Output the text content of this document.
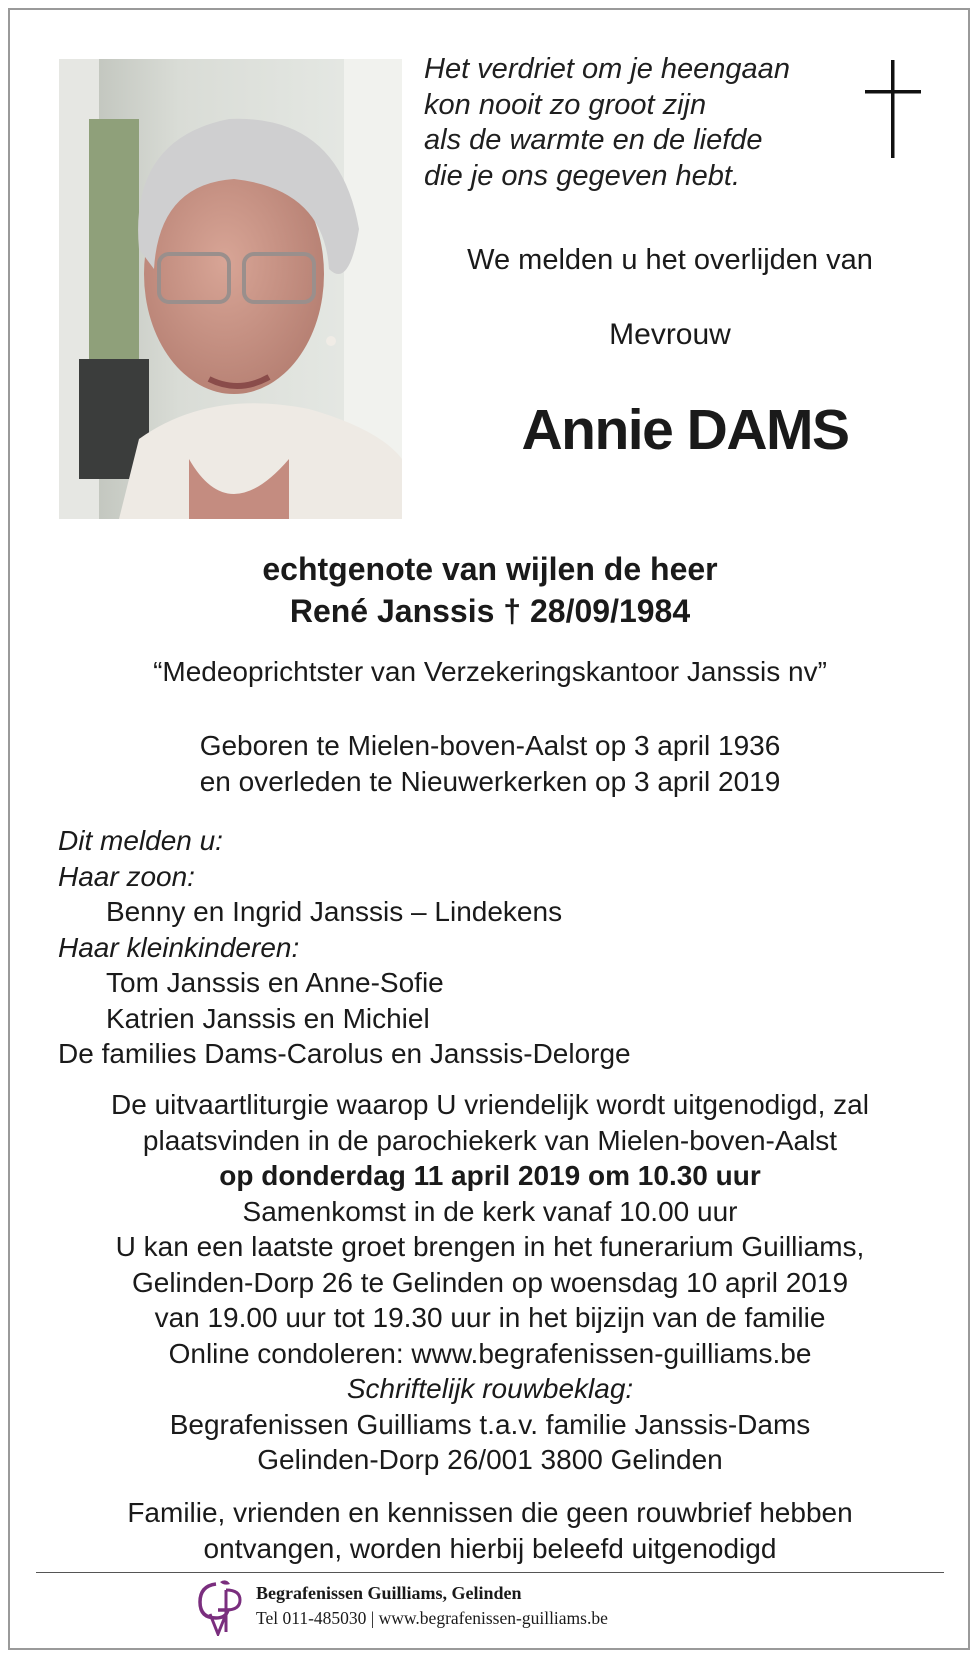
Het verdriet om je heengaan
kon nooit zo groot zijn
als de warmte en de liefde
die je ons gegeven hebt.
We melden u het overlijden van
Mevrouw
Annie DAMS
echtgenote van wijlen de heer
René Janssis † 28/09/1984
“Medeoprichtster van Verzekeringskantoor Janssis nv”
Geboren te Mielen-boven-Aalst op 3 april 1936
en overleden te Nieuwerkerken op 3 april 2019
Dit melden u:
Haar zoon:
Benny en Ingrid Janssis – Lindekens
Haar kleinkinderen:
Tom Janssis en Anne-Sofie
Katrien Janssis en Michiel
De families Dams-Carolus en Janssis-Delorge
De uitvaartliturgie waarop U vriendelijk wordt uitgenodigd, zal
plaatsvinden in de parochiekerk van Mielen-boven-Aalst
op donderdag 11 april 2019 om 10.30 uur
Samenkomst in de kerk vanaf 10.00 uur
U kan een laatste groet brengen in het funerarium Guilliams,
Gelinden-Dorp 26 te Gelinden op woensdag 10 april 2019
van 19.00 uur tot 19.30 uur in het bijzijn van de familie
Online condoleren: www.begrafenissen-guilliams.be
Schriftelijk rouwbeklag:
Begrafenissen Guilliams t.a.v. familie Janssis-Dams
Gelinden-Dorp 26/001 3800 Gelinden
Familie, vrienden en kennissen die geen rouwbrief hebben
ontvangen, worden hierbij beleefd uitgenodigd
Begrafenissen Guilliams, Gelinden
Tel 011-485030 | www.begrafenissen-guilliams.be
